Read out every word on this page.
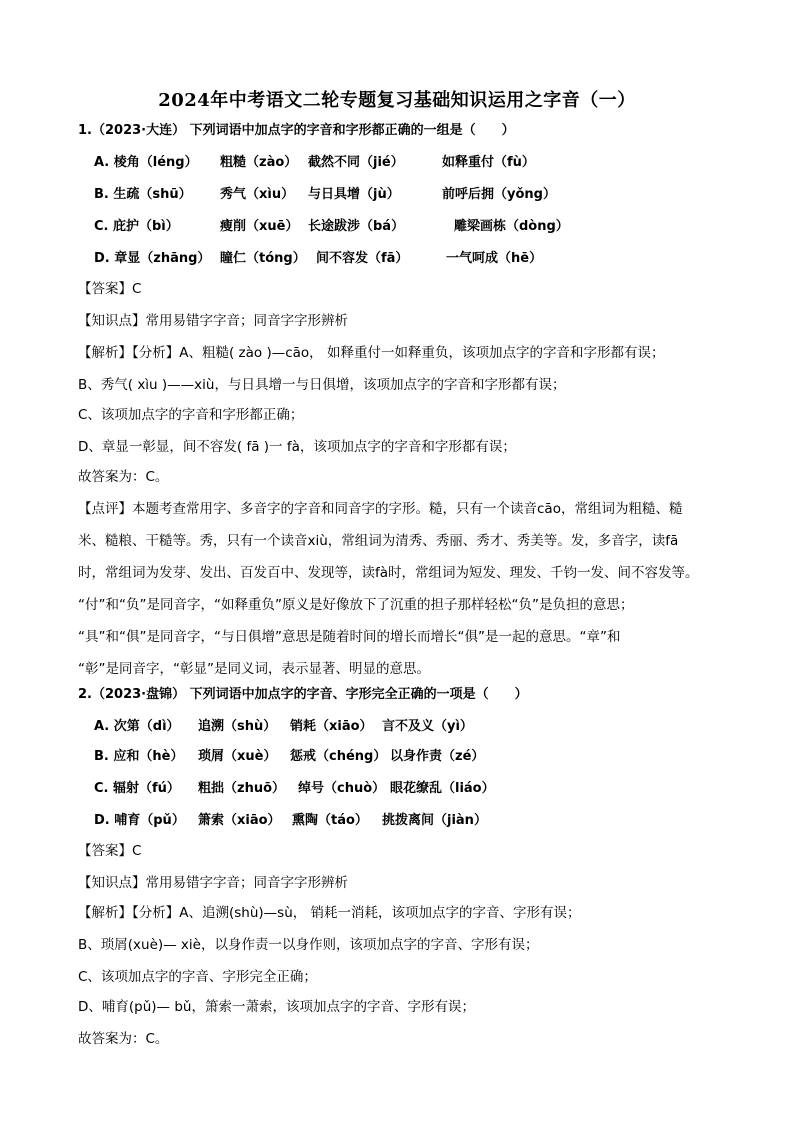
2024年中考语文二轮专题复习基础知识运用之字音（一）
1.（2023·大连） 下列词语中加点字的字音和字形都正确的一组是（　　）
A. 棱角（léng） 粗糙（zào） 截然不同（jié）	如释重付（fù）
B. 生疏（shū） 秀气（xìu） 与日具增（jù）	前呼后拥（yǒng）
C. 庇护（bì）	瘦削（xuē） 长途跋涉（bá）	雕梁画栋（dòng）
D. 章显（zhāng） 瞳仁（tóng） 间不容发（fā）	一气呵成（hē）
【答案】C
【知识点】常用易错字字音；同音字字形辨析
【解析】【分析】A、粗糙( zào )—cāo， 如释重付一如释重负，该项加点字的字音和字形都有误；
B、秀气( xìu )——xiù，与日具增一与日俱增，该项加点字的字音和字形都有误；
C、该项加点字的字音和字形都正确；
D、章显一彰显，间不容发( fā )一 fà，该项加点字的字音和字形都有误；
故答案为：C。
【点评】本题考查常用字、多音字的字音和同音字的字形。糙，只有一个读音cāo，常组词为粗糙、糙
米、糙粮、干糙等。秀，只有一个读音xiù，常组词为清秀、秀丽、秀才、秀美等。发，多音字，读fā
时，常组词为发芽、发出、百发百中、发现等，读fà时，常组词为短发、理发、千钧一发、间不容发等。
“付”和“负”是同音字，“如释重负”原义是好像放下了沉重的担子那样轻松“负”是负担的意思；
“具”和“俱”是同音字，“与日俱增”意思是随着时间的增长而增长“俱”是一起的意思。“章”和
“彰”是同音字，“彰显”是同义词，表示显著、明显的意思。
2.（2023·盘锦） 下列词语中加点字的字音、字形完全正确的一项是（　　）
A. 次第（dì） 追溯（shù） 销耗（xiāo） 言不及义（yì）
B. 应和（hè） 琐屑（xuè） 惩戒（chéng） 以身作责（zé）
C. 辐射（fú） 粗拙（zhuō） 绰号（chuò） 眼花缭乱（liáo）
D. 哺育（pǔ） 箫索（xiāo） 熏陶（táo） 挑拨离间（jiàn）
【答案】C
【知识点】常用易错字字音；同音字字形辨析
【解析】【分析】A、追溯(shù)—sù， 销耗一消耗，该项加点字的字音、字形有误；
B、琐屑(xuè)— xiè，以身作责一以身作则，该项加点字的字音、字形有误；
C、该项加点字的字音、字形完全正确；
D、哺育(pǔ)— bǔ，箫索一萧索，该项加点字的字音、字形有误；
故答案为：C。
